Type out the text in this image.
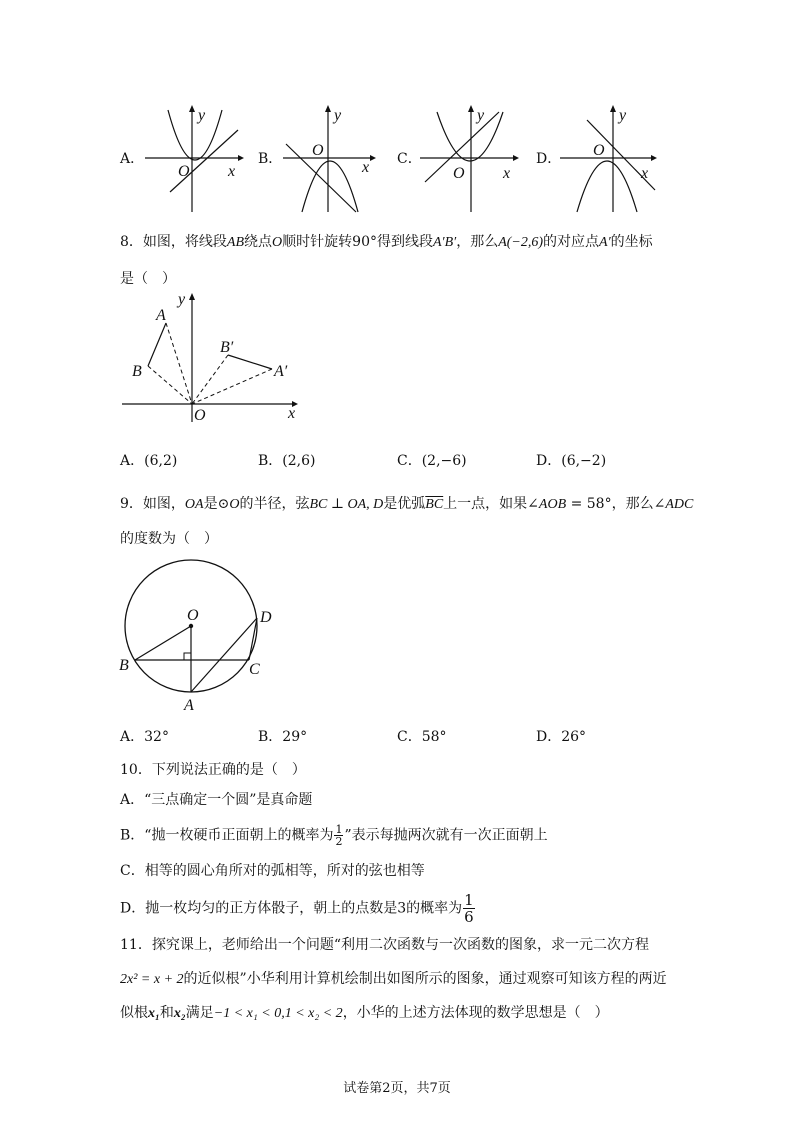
A．
y
x
O
B．
y
x
O	C．
y
x
O
D．
y
x
O
8．如图，将线段AB绕点O顺时针旋转90°得到线段A′B′，那么A(−2,6)的对应点A′的坐标
是（　）
A
B
B′
A′
O	x
y
A．(6,2)	B．(2,6)	C．(2,−6)	D．(6,−2)
9．如图，OA是⊙O的半径，弦BC ⊥ OA, D是优弧$\overline{BC}$上一点，如果∠AOB = 58°，那么∠ADC
的度数为（　）
O
B	C
D
A
A．32°	B．29°	C．58°	D．26°
10．下列说法正确的是（　）
A．“三点确定一个圆”是真命题
B．“抛一枚硬币正面朝上的概率为 $\frac{1}{2}$ ”表示每抛两次就有一次正面朝上
C．相等的圆心角所对的弧相等，所对的弦也相等
D．抛一枚均匀的正方体骰子，朝上的点数是3的概率为 $\frac{1}{6}$
11．探究课上，老师给出一个问题“利用二次函数与一次函数的图象，求一元二次方程
2x² = x + 2的近似根”小华利用计算机绘制出如图所示的图象，通过观察可知该方程的两近
似根x₁和x₂满足−1 < x₁ < 0,1 < x₂ < 2，小华的上述方法体现的数学思想是（　）
试卷第2页，共7页
